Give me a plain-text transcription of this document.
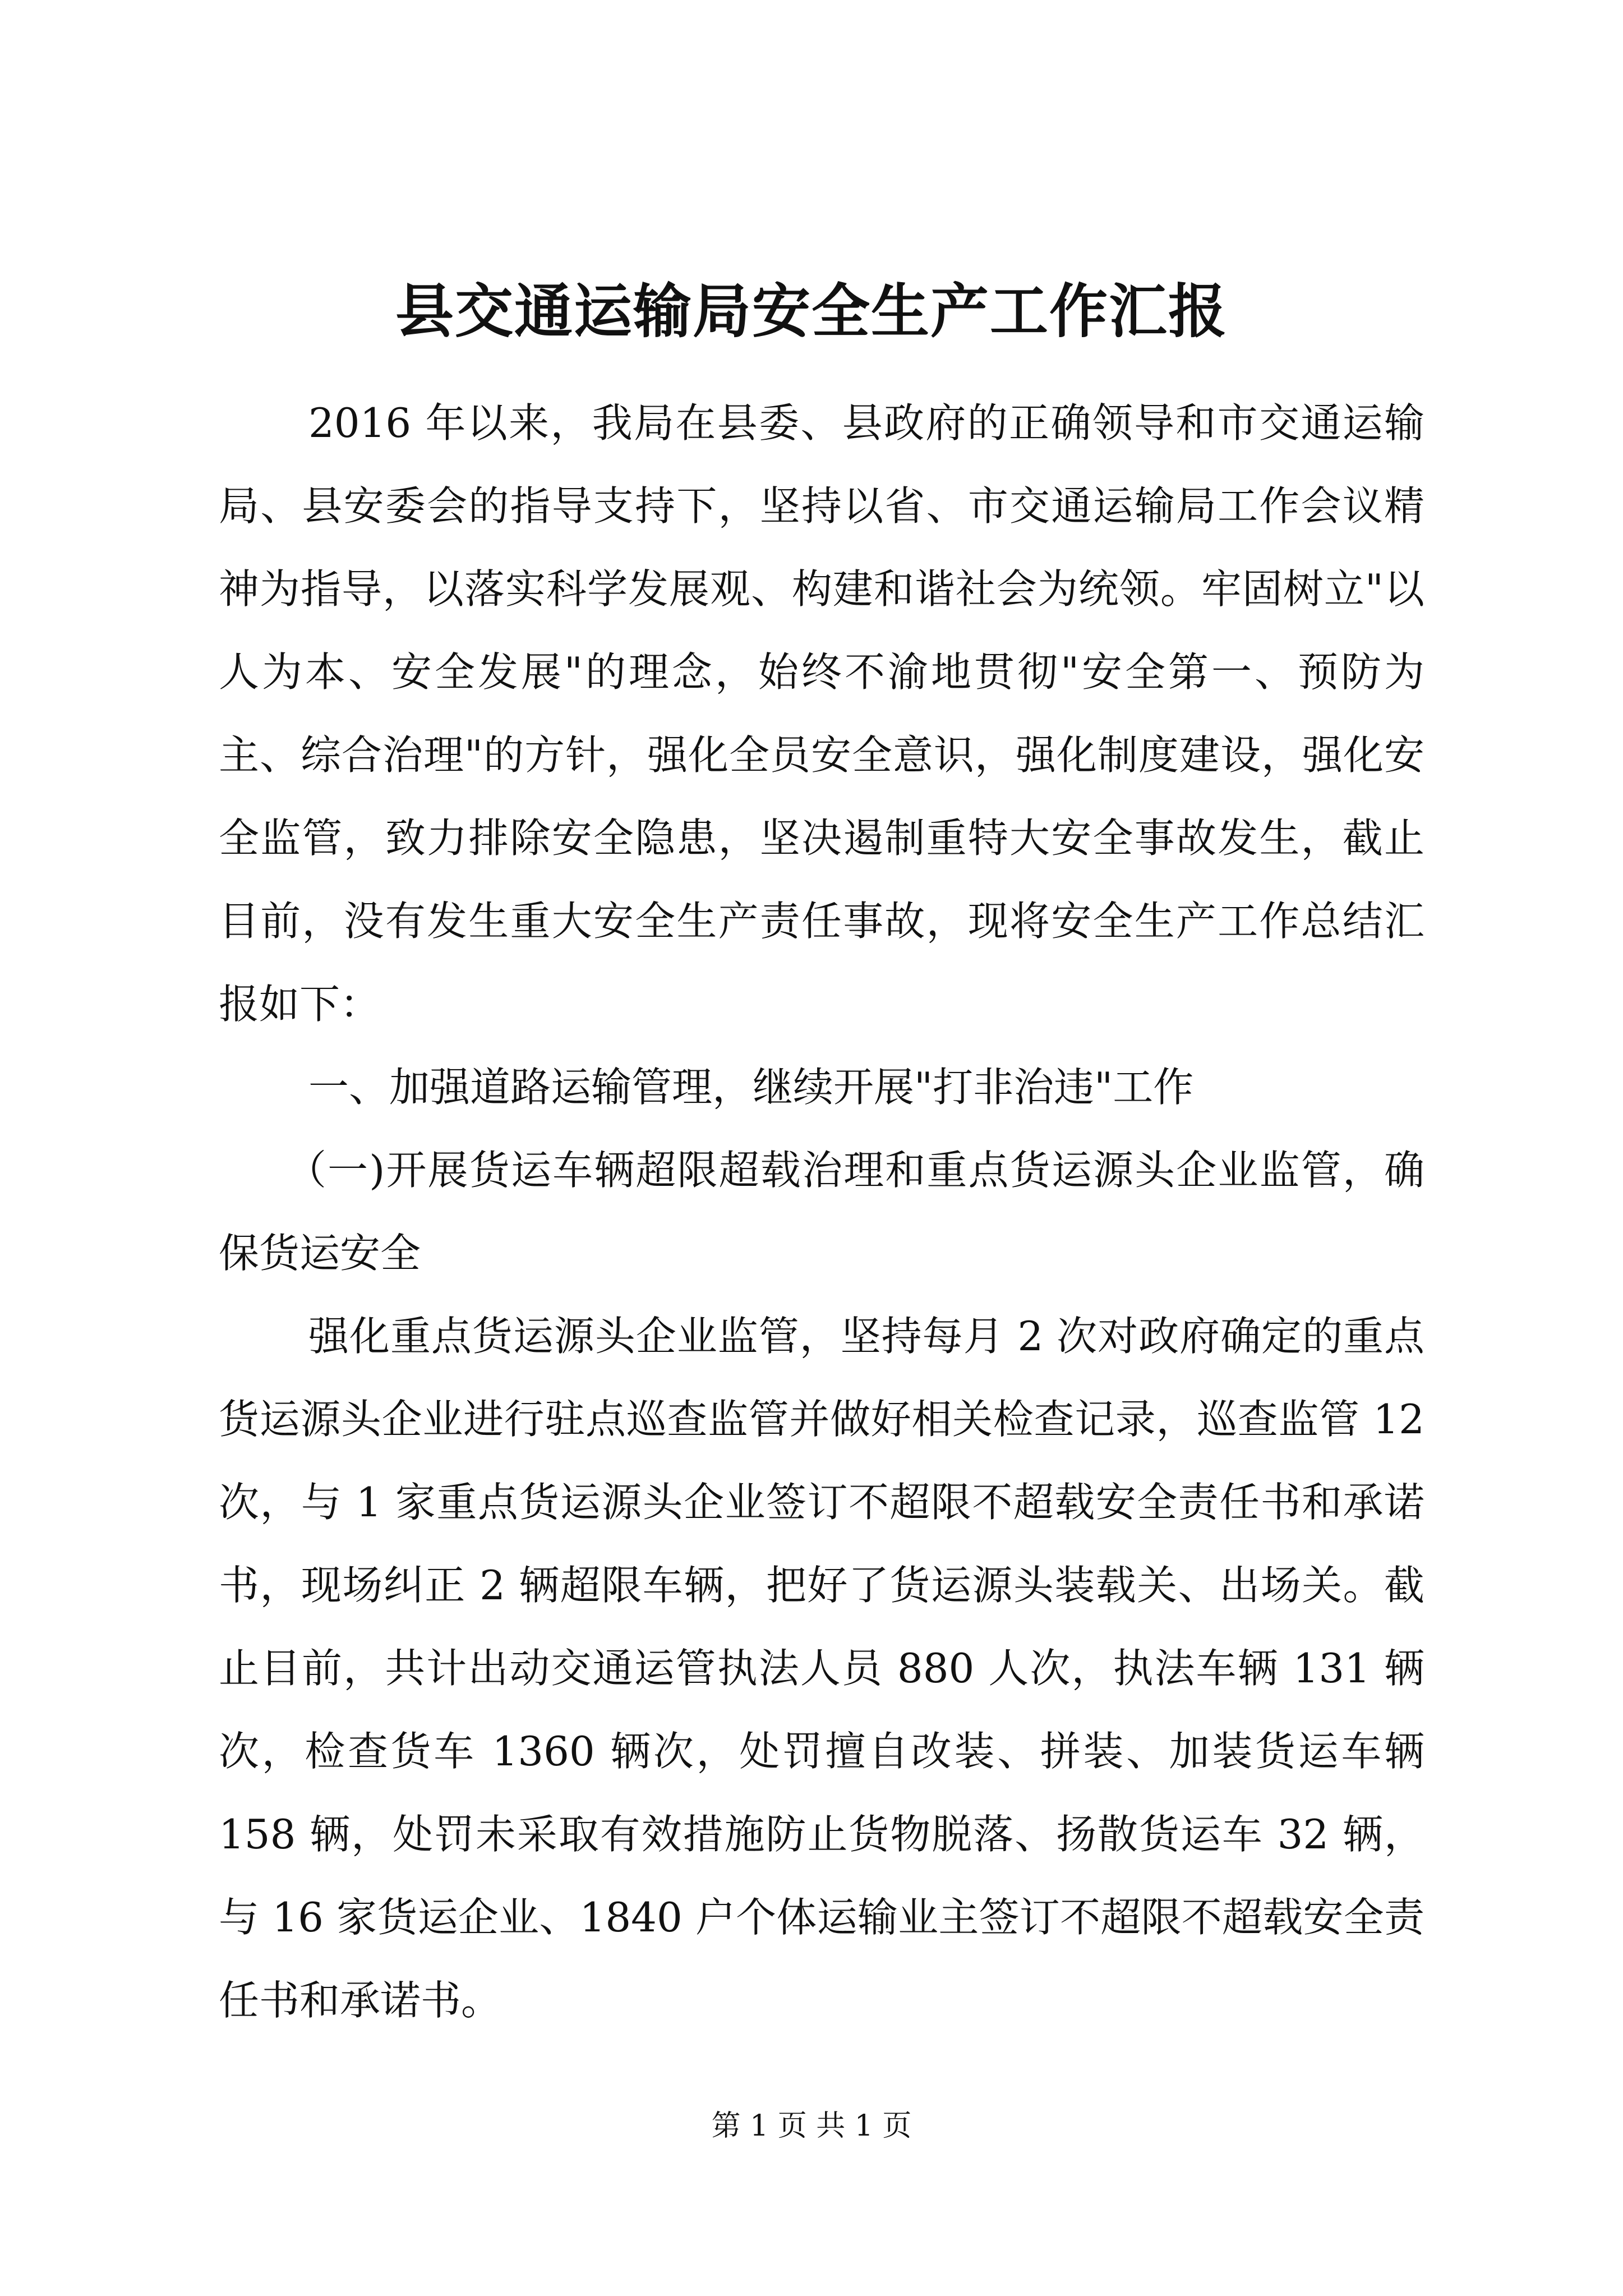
县交通运输局安全生产工作汇报

2016 年以来，我局在县委、县政府的正确领导和市交通运输局、县安委会的指导支持下，坚持以省、市交通运输局工作会议精神为指导，以落实科学发展观、构建和谐社会为统领。牢固树立"以人为本、安全发展"的理念，始终不渝地贯彻"安全第一、预防为主、综合治理"的方针，强化全员安全意识，强化制度建设，强化安全监管，致力排除安全隐患，坚决遏制重特大安全事故发生，截止目前，没有发生重大安全生产责任事故，现将安全生产工作总结汇报如下：

一、加强道路运输管理，继续开展"打非治违"工作

（一)开展货运车辆超限超载治理和重点货运源头企业监管，确保货运安全

强化重点货运源头企业监管，坚持每月 2 次对政府确定的重点货运源头企业进行驻点巡查监管并做好相关检查记录，巡查监管 12 次，与 1 家重点货运源头企业签订不超限不超载安全责任书和承诺书，现场纠正 2 辆超限车辆，把好了货运源头装载关、出场关。截止目前，共计出动交通运管执法人员 880 人次，执法车辆 131 辆次，检查货车 1360 辆次，处罚擅自改装、拼装、加装货运车辆 158 辆，处罚未采取有效措施防止货物脱落、扬散货运车 32 辆，与 16 家货运企业、1840 户个体运输业主签订不超限不超载安全责任书和承诺书。

第 1 页 共 1 页
